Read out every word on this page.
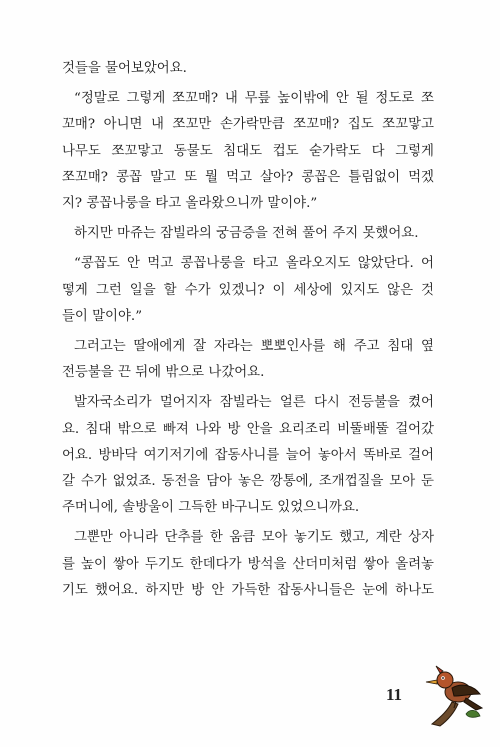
것들을 물어보았어요.

“정말로 그렇게 쪼꼬매? 내 무릎 높이밖에 안 될 정도로 쪼
꼬매? 아니면 내 쪼꼬만 손가락만큼 쪼꼬매? 집도 쪼꼬맣고
나무도 쪼꼬맣고 동물도 침대도 컵도 숟가락도 다 그렇게
쪼꼬매? 콩꼽 말고 또 뭘 먹고 살아? 콩꼽은 틀림없이 먹겠
지? 콩꼽나룽을 타고 올라왔으니까 말이야.”

하지만 마쥬는 잠빌라의 궁금증을 전혀 풀어 주지 못했어요.

“콩꼽도 안 먹고 콩꼽나룽을 타고 올라오지도 않았단다. 어
떻게 그런 일을 할 수가 있겠니? 이 세상에 있지도 않은 것
들이 말이야.”

그러고는 딸애에게 잘 자라는 뽀뽀인사를 해 주고 침대 옆
전등불을 끈 뒤에 밖으로 나갔어요.

발자국소리가 멀어지자 잠빌라는 얼른 다시 전등불을 켰어
요. 침대 밖으로 빠져 나와 방 안을 요리조리 비뚤배뚤 걸어갔
어요. 방바닥 여기저기에 잡동사니를 늘어 놓아서 똑바로 걸어
갈 수가 없었죠. 동전을 담아 놓은 깡통에, 조개껍질을 모아 둔
주머니에, 솔방울이 그득한 바구니도 있었으니까요.

그뿐만 아니라 단추를 한 움큼 모아 놓기도 했고, 계란 상자
를 높이 쌓아 두기도 한데다가 방석을 산더미처럼 쌓아 올려놓
기도 했어요. 하지만 방 안 가득한 잡동사니들은 눈에 하나도

11
